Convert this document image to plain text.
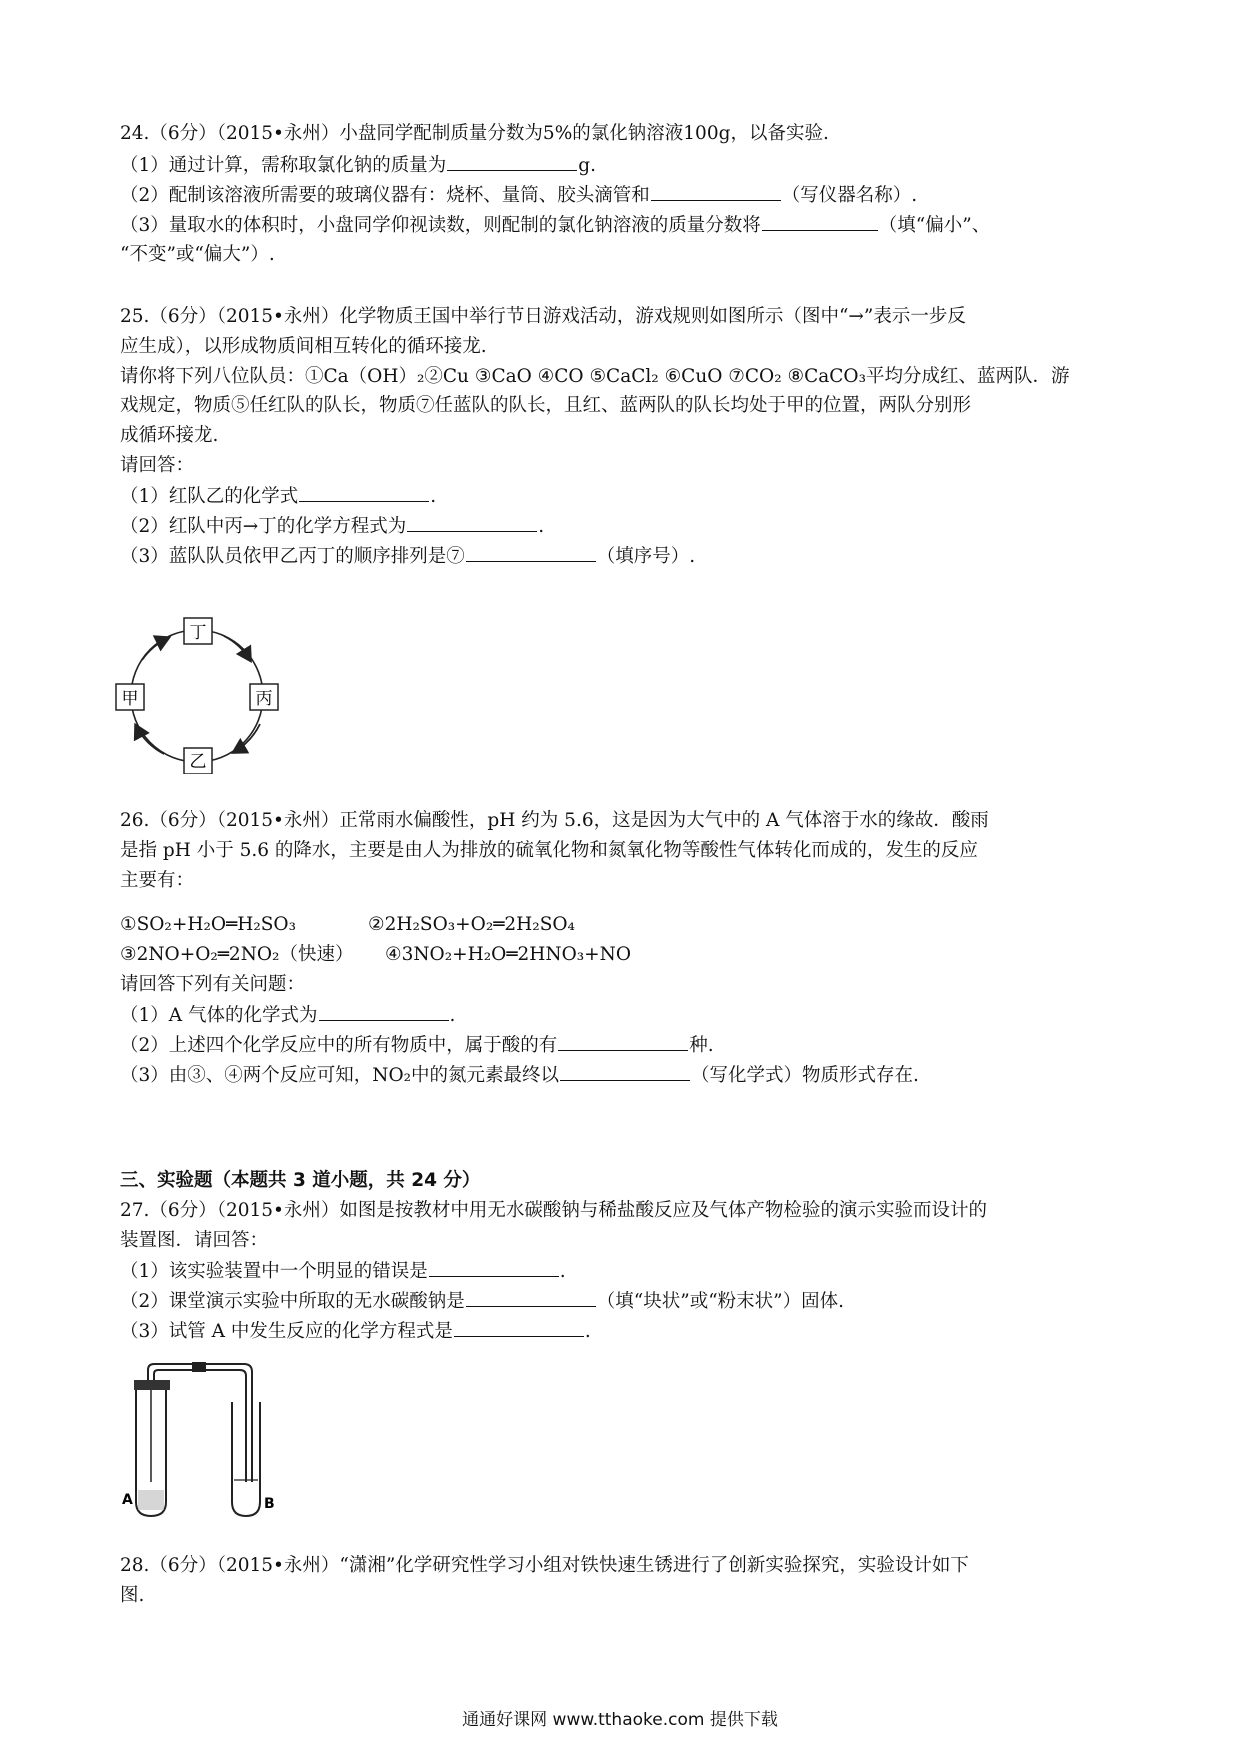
24.（6分）（2015•永州）小盘同学配制质量分数为5%的氯化钠溶液100g，以备实验.
（1）通过计算，需称取氯化钠的质量为	g.
（2）配制该溶液所需要的玻璃仪器有：烧杯、量筒、胶头滴管和	（写仪器名称）.
（3）量取水的体积时，小盘同学仰视读数，则配制的氯化钠溶液的质量分数将	（填“偏小”、
“不变”或“偏大”）.
25.（6分）（2015•永州）化学物质王国中举行节日游戏活动，游戏规则如图所示（图中“→”表示一步反
应生成），以形成物质间相互转化的循环接龙.
请你将下列八位队员：①Ca（OH）₂②Cu ③CaO ④CO ⑤CaCl₂ ⑥CuO ⑦CO₂ ⑧CaCO₃平均分成红、蓝两队．游
戏规定，物质⑤任红队的队长，物质⑦任蓝队的队长，且红、蓝两队的队长均处于甲的位置，两队分别形
成循环接龙.
请回答：
（1）红队乙的化学式	.
（2）红队中丙→丁的化学方程式为	.
（3）蓝队队员依甲乙丙丁的顺序排列是⑦	（填序号）.
丁
甲	丙
乙
26.（6分）（2015•永州）正常雨水偏酸性，pH 约为 5.6，这是因为大气中的 A 气体溶于水的缘故．酸雨
是指 pH 小于 5.6 的降水，主要是由人为排放的硫氧化物和氮氧化物等酸性气体转化而成的，发生的反应
主要有：
①SO₂+H₂O═H₂SO₃	②2H₂SO₃+O₂═2H₂SO₄
③2NO+O₂═2NO₂（快速） ④3NO₂+H₂O═2HNO₃+NO
请回答下列有关问题：
（1）A 气体的化学式为	.
（2）上述四个化学反应中的所有物质中，属于酸的有	种.
（3）由③、④两个反应可知，NO₂中的氮元素最终以	（写化学式）物质形式存在.
三、实验题（本题共 3 道小题，共 24 分）
27.（6分）（2015•永州）如图是按教材中用无水碳酸钠与稀盐酸反应及气体产物检验的演示实验而设计的
装置图．请回答：
（1）该实验装置中一个明显的错误是	.
（2）课堂演示实验中所取的无水碳酸钠是	（填“块状”或“粉末状”）固体.
（3）试管 A 中发生反应的化学方程式是	.
A	B
28.（6分）（2015•永州）“潇湘”化学研究性学习小组对铁快速生锈进行了创新实验探究，实验设计如下
图.
通通好课网 www.tthaoke.com 提供下载
